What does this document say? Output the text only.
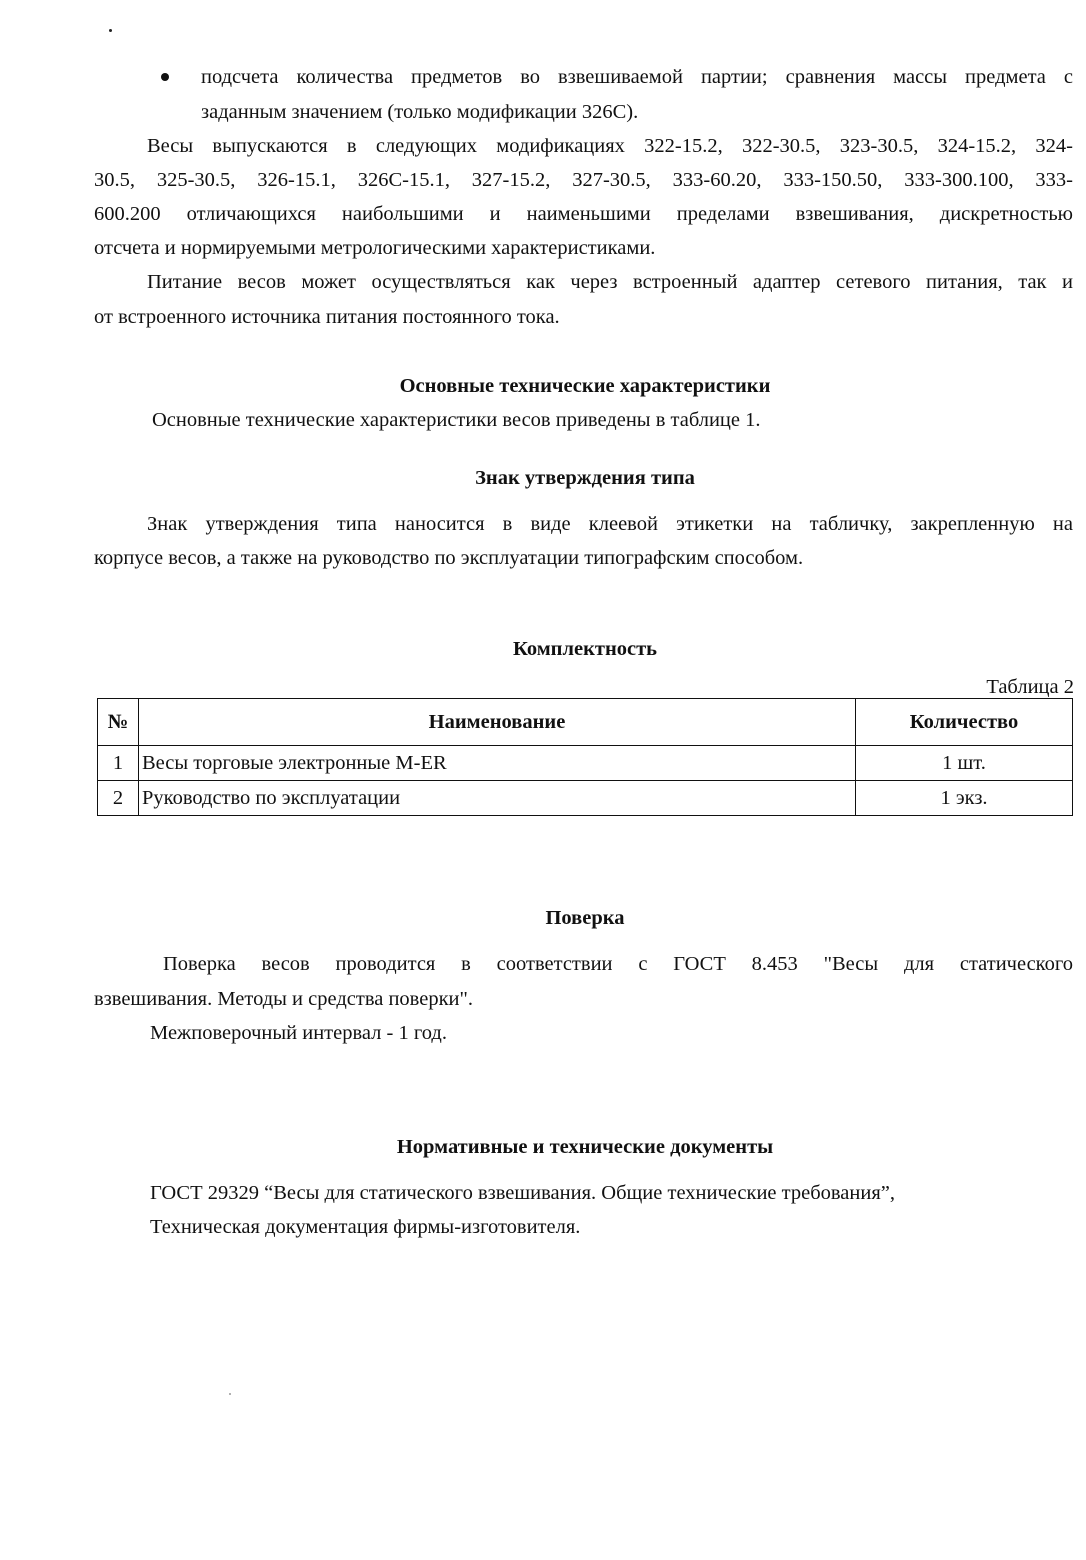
подсчета количества предметов во взвешиваемой партии; сравнения массы предмета с
заданным значением (только модификации 326С).
Весы выпускаются в следующих модификациях 322-15.2, 322-30.5, 323-30.5, 324-15.2, 324-
30.5, 325-30.5, 326-15.1, 326С-15.1, 327-15.2, 327-30.5, 333-60.20, 333-150.50, 333-300.100, 333-
600.200 отличающихся наибольшими и наименьшими пределами взвешивания, дискретностью
отсчета и нормируемыми метрологическими характеристиками.
Питание весов может осуществляться как через встроенный адаптер сетевого питания, так и
от встроенного источника питания постоянного тока.
Основные технические характеристики
Основные технические характеристики весов приведены в таблице 1.
Знак утверждения типа
Знак утверждения типа наносится в виде клеевой этикетки на табличку, закрепленную на
корпусе весов, а также на руководство по эксплуатации типографским способом.
Комплектность
Таблица 2
№	Наименование	Количество
1	Весы торговые электронные M-ER	1 шт.
2	Руководство по эксплуатации	1 экз.
Поверка
Поверка весов проводится в соответствии с ГОСТ 8.453 "Весы для статического
взвешивания. Методы и средства поверки".
Межповерочный интервал - 1 год.
Нормативные и технические документы
ГОСТ 29329 “Весы для статического взвешивания. Общие технические требования”,
Техническая документация фирмы-изготовителя.
